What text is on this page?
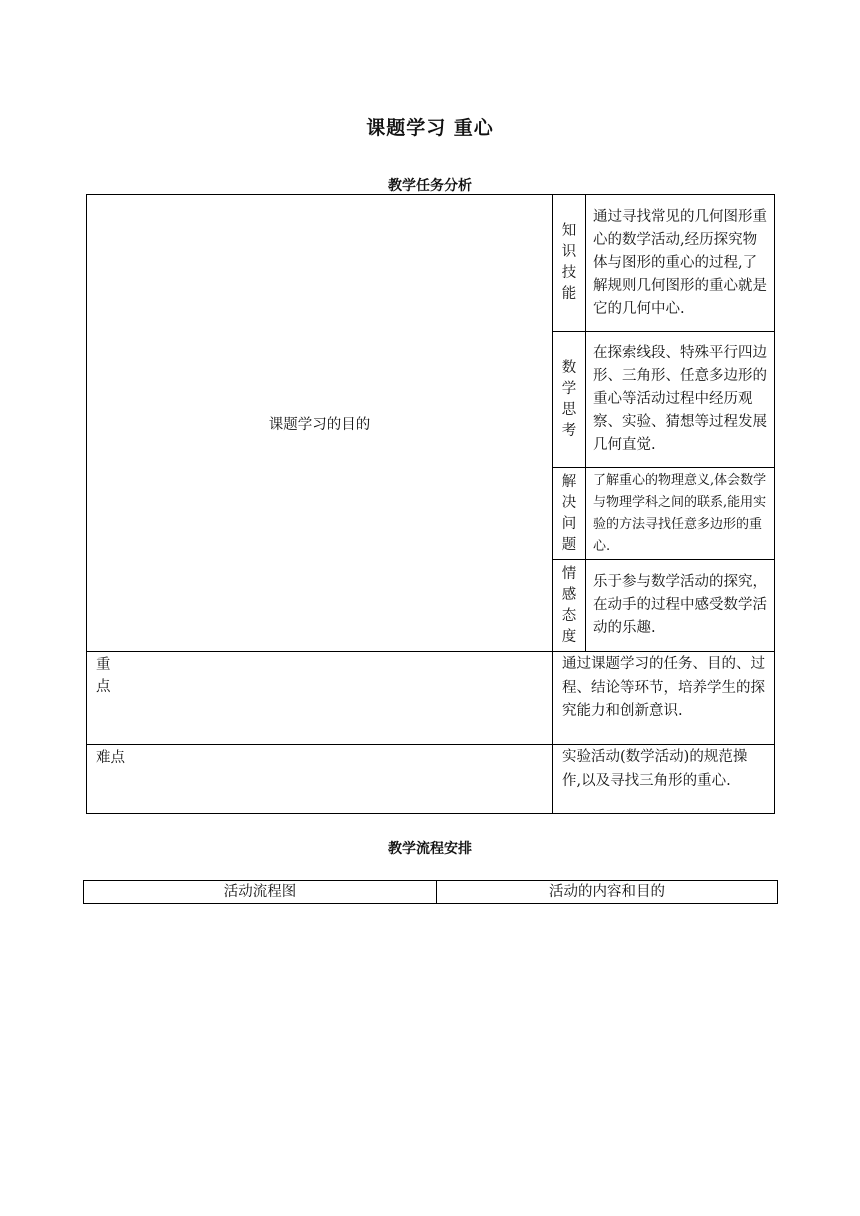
课题学习 重心
教学任务分析
课题学习的目的	知
识
技
能	通过寻找常见的几何图形重心的数学活动,经历探究物体与图形的重心的过程,了解规则几何图形的重心就是它的几何中心.

	数
学
思
考	在探索线段、特殊平行四边形、三角形、任意多边形的重心等活动过程中经历观察、实验、猜想等过程发展几何直觉.

	解
决
问
题	了解重心的物理意义,体会数学与物理学科之间的联系,能用实验的方法寻找任意多边形的重心.

	情
感
态
度	乐于参与数学活动的探究，在动手的过程中感受数学活动的乐趣.

重
点	通过课题学习的任务、目的、过程、结论等环节，培养学生的探究能力和创新意识.	
难点	实验活动(数学活动)的规范操作,以及寻找三角形的重心.	
教学流程安排
活动流程图	活动的内容和目的
